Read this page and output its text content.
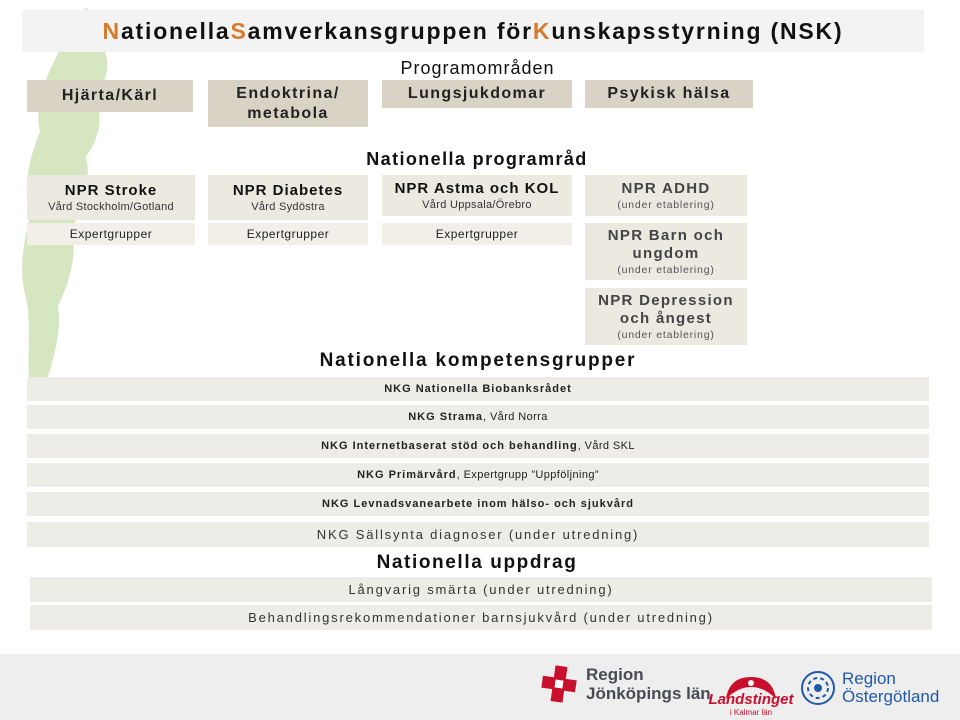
N ationella S amverkansgruppen för K unskapsstyrning (NSK)
Programområden
Hjärta/Kärl	Endoktrina/ metabola
Lungsjukdomar	Psykisk hälsa
Nationella programråd
NPR Stroke
Vård Stockholm/Gotland
NPR Diabetes
Vård Sydöstra
NPR Astma och KOL
Vård Uppsala/Örebro
NPR ADHD
(under etablering)
NPR Barn och ungdom
(under etablering)
NPR Depression och ångest
(under etablering)
Expertgrupper	Expertgrupper	Expertgrupper
Nationella kompetensgrupper
NKG Nationella Biobanksrådet
NKG Strama , Vård Norra
NKG Internetbaserat stöd och behandling , Vård SKL
NKG Primärvård , Expertgrupp ”Uppföljning”
NKG Levnadsvanearbete inom hälso- och sjukvård
NKG Sällsynta diagnoser (under utredning)
Nationella uppdrag
Långvarig smärta (under utredning)
Behandlingsrekommendationer barnsjukvård (under utredning)
Region
Jönköpings län
Landstinget
i Kalmar län
Region
Östergötland
